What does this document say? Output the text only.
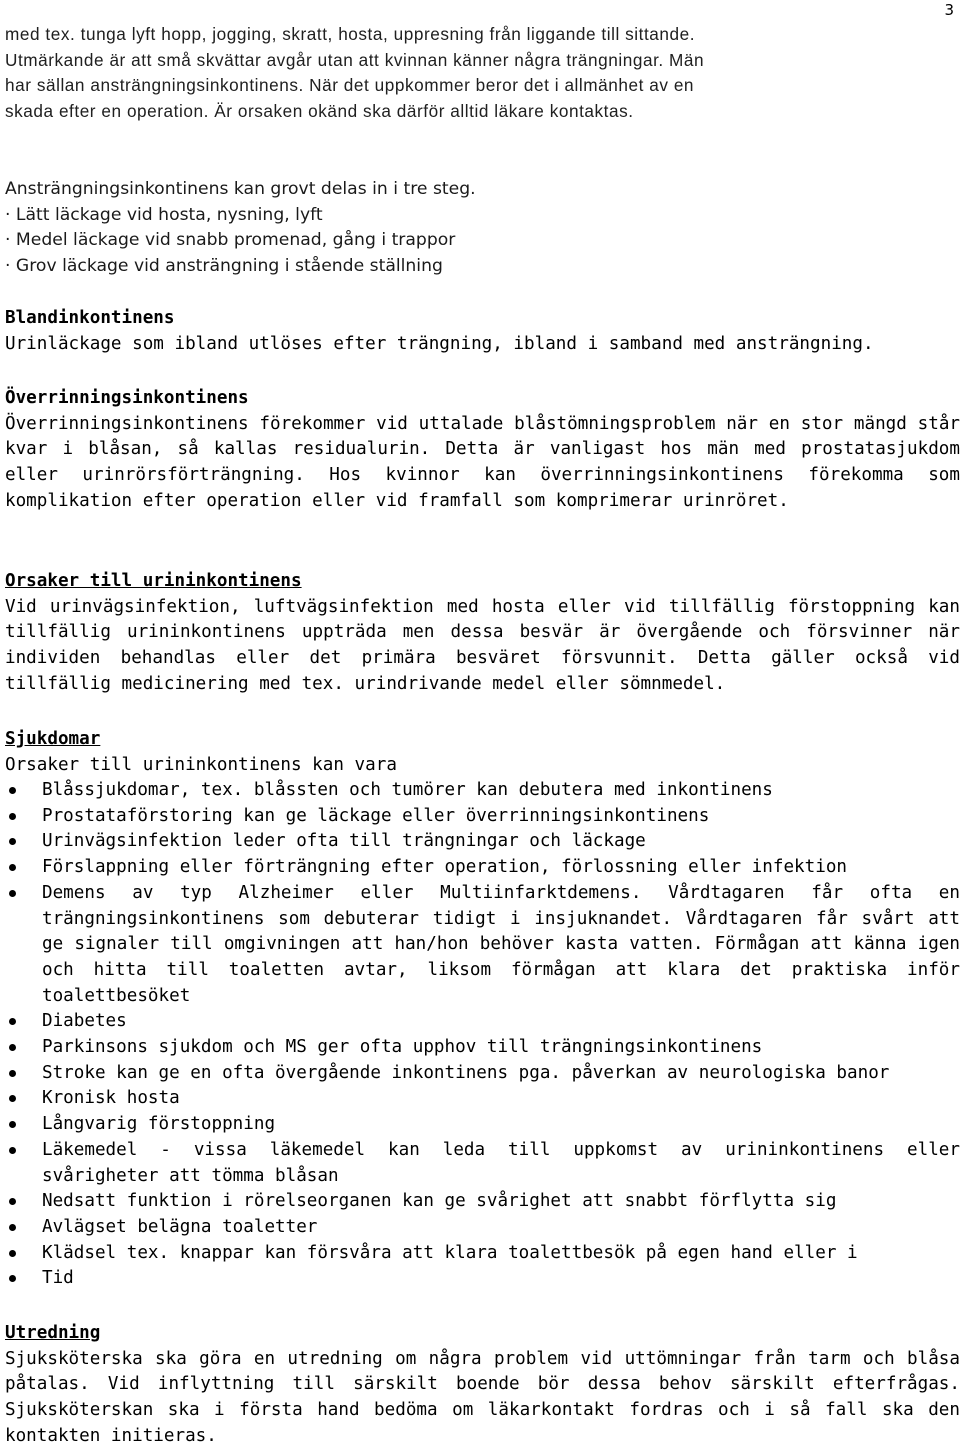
3
med tex. tunga lyft hopp, jogging, skratt, hosta, uppresning från liggande till sittande.
Utmärkande är att små skvättar avgår utan att kvinnan känner några trängningar. Män
har sällan ansträngningsinkontinens. När det uppkommer beror det i allmänhet av en
skada efter en operation. Är orsaken okänd ska därför alltid läkare kontaktas.
Ansträngningsinkontinens kan grovt delas in i tre steg.
· Lätt läckage vid hosta, nysning, lyft
· Medel läckage vid snabb promenad, gång i trappor
· Grov läckage vid ansträngning i stående ställning
Blandinkontinens
Urinläckage som ibland utlöses efter trängning, ibland i samband med ansträngning.
Överrinningsinkontinens
Överrinningsinkontinens förekommer vid uttalade blåstömningsproblem när en stor mängd står kvar i blåsan, så kallas residualurin. Detta är vanligast hos män med prostatasjukdom eller urinrörsförträngning. Hos kvinnor kan överrinningsinkontinens förekomma som komplikation efter operation eller vid framfall som komprimerar urinröret.
Orsaker till urininkontinens
Vid urinvägsinfektion, luftvägsinfektion med hosta eller vid tillfällig förstoppning kan tillfällig urininkontinens uppträda men dessa besvär är övergående och försvinner när individen behandlas eller det primära besväret försvunnit. Detta gäller också vid tillfällig medicinering med tex. urindrivande medel eller sömnmedel.
Sjukdomar
Orsaker till urininkontinens kan vara
Blåssjukdomar, tex. blåssten och tumörer kan debutera med inkontinens
Prostataförstoring kan ge läckage eller överrinningsinkontinens
Urinvägsinfektion leder ofta till trängningar och läckage
Förslappning eller förträngning efter operation, förlossning eller infektion
Demens av typ Alzheimer eller Multiinfarktdemens. Vårdtagaren får ofta en trängningsinkontinens som debuterar tidigt i insjuknandet. Vårdtagaren får svårt att ge signaler till omgivningen att han/hon behöver kasta vatten. Förmågan att känna igen och hitta till toaletten avtar, liksom förmågan att klara det praktiska inför toalettbesöket
Diabetes
Parkinsons sjukdom och MS ger ofta upphov till trängningsinkontinens
Stroke kan ge en ofta övergående inkontinens pga. påverkan av neurologiska banor
Kronisk hosta
Långvarig förstoppning
Läkemedel - vissa läkemedel kan leda till uppkomst av urininkontinens eller svårigheter att tömma blåsan
Nedsatt funktion i rörelseorganen kan ge svårighet att snabbt förflytta sig
Avlägset belägna toaletter
Klädsel tex. knappar kan försvåra att klara toalettbesök på egen hand eller i
Tid
Utredning
Sjuksköterska ska göra en utredning om några problem vid uttömningar från tarm och blåsa påtalas. Vid inflyttning till särskilt boende bör dessa behov särskilt efterfrågas. Sjuksköterskan ska i första hand bedöma om läkarkontakt fordras och i så fall ska den kontakten initieras.
